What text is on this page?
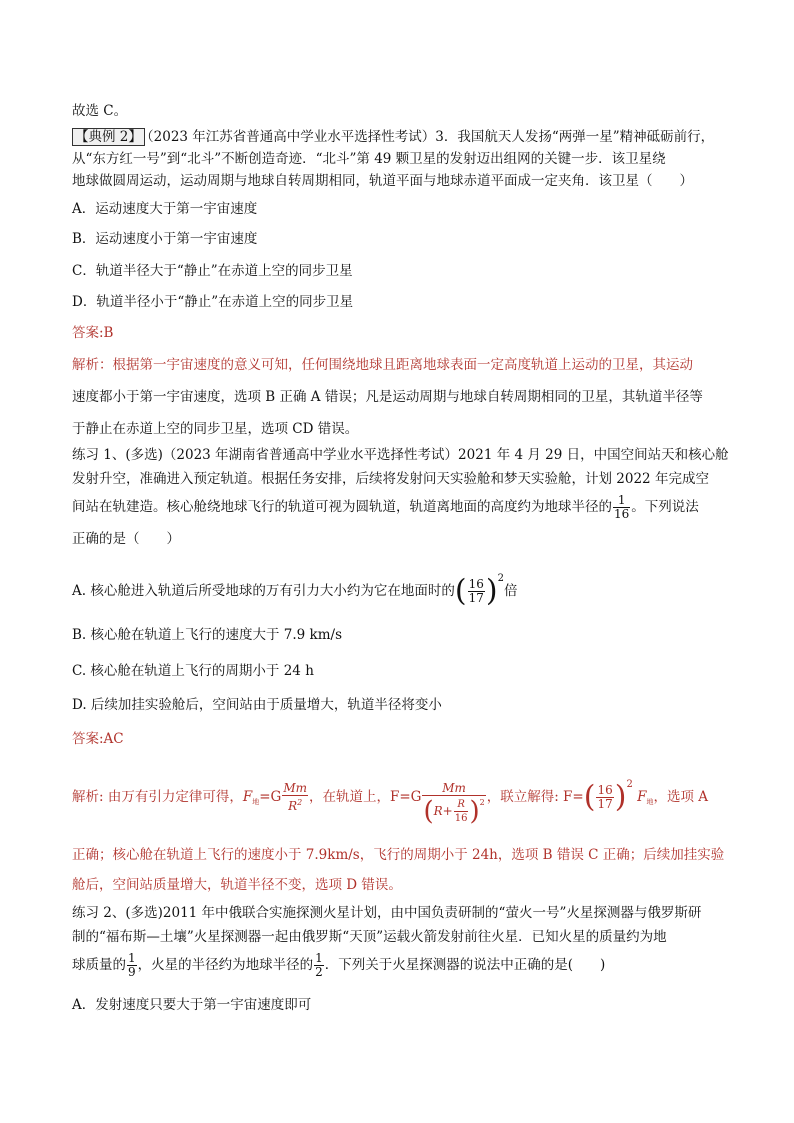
故选 C。
【典例 2】 （2023 年江苏省普通高中学业水平选择性考试）3．我国航天人发扬“两弹一星”精神砥砺前行，
从“东方红一号”到“北斗”不断创造奇迹．“北斗”第 49 颗卫星的发射迈出组网的关键一步．该卫星绕
地球做圆周运动，运动周期与地球自转周期相同，轨道平面与地球赤道平面成一定夹角．该卫星（　　）
A．运动速度大于第一宇宙速度
B．运动速度小于第一宇宙速度
C．轨道半径大于“静止”在赤道上空的同步卫星
D．轨道半径小于“静止”在赤道上空的同步卫星
答案:B
解析：根据第一宇宙速度的意义可知，任何围绕地球且距离地球表面一定高度轨道上运动的卫星，其运动
速度都小于第一宇宙速度，选项 B 正确 A 错误；凡是运动周期与地球自转周期相同的卫星，其轨道半径等
于静止在赤道上空的同步卫星，选项 CD 错误。
练习 1、(多选)（2023 年湖南省普通高中学业水平选择性考试）2021 年 4 月 29 日，中国空间站天和核心舱
发射升空，准确进入预定轨道。根据任务安排，后续将发射问天实验舱和梦天实验舱，计划 2022 年完成空
间站在轨建造。核心舱绕地球飞行的轨道可视为圆轨道，轨道离地面的高度约为地球半径的 $\frac{1}{16}$ 。下列说法
正确的是（　　）
A. 核心舱进入轨道后所受地球的万有引力大小约为它在地面时的( $\frac{16}{17} )^2$倍
B. 核心舱在轨道上飞行的速度大于 7.9 km/s
C. 核心舱在轨道上飞行的周期小于 24 h
D. 后续加挂实验舱后，空间站由于质量增大，轨道半径将变小
答案:AC
解析: 由万有引力定律可得，$F_地=G \frac{Mm}{R^2}$ ，在轨道上，$F=G \frac{Mm}{(R+ \frac{R}{16} )^2}$ ，联立解得: $F=( \frac{16}{17} )^2$ $F_地$，选项 A
正确；核心舱在轨道上飞行的速度小于 7.9km/s，飞行的周期小于 24h，选项 B 错误 C 正确；后续加挂实验
舱后，空间站质量增大，轨道半径不变，选项 D 错误。
练习 2、(多选)2011 年中俄联合实施探测火星计划，由中国负责研制的“萤火一号”火星探测器与俄罗斯研
制的“福布斯—土壤”火星探测器一起由俄罗斯“天顶”运载火箭发射前往火星．已知火星的质量约为地
球质量的 $\frac{1}{9}$ ，火星的半径约为地球半径的 $\frac{1}{2}$ ．下列关于火星探测器的说法中正确的是(　　)
A．发射速度只要大于第一宇宙速度即可
